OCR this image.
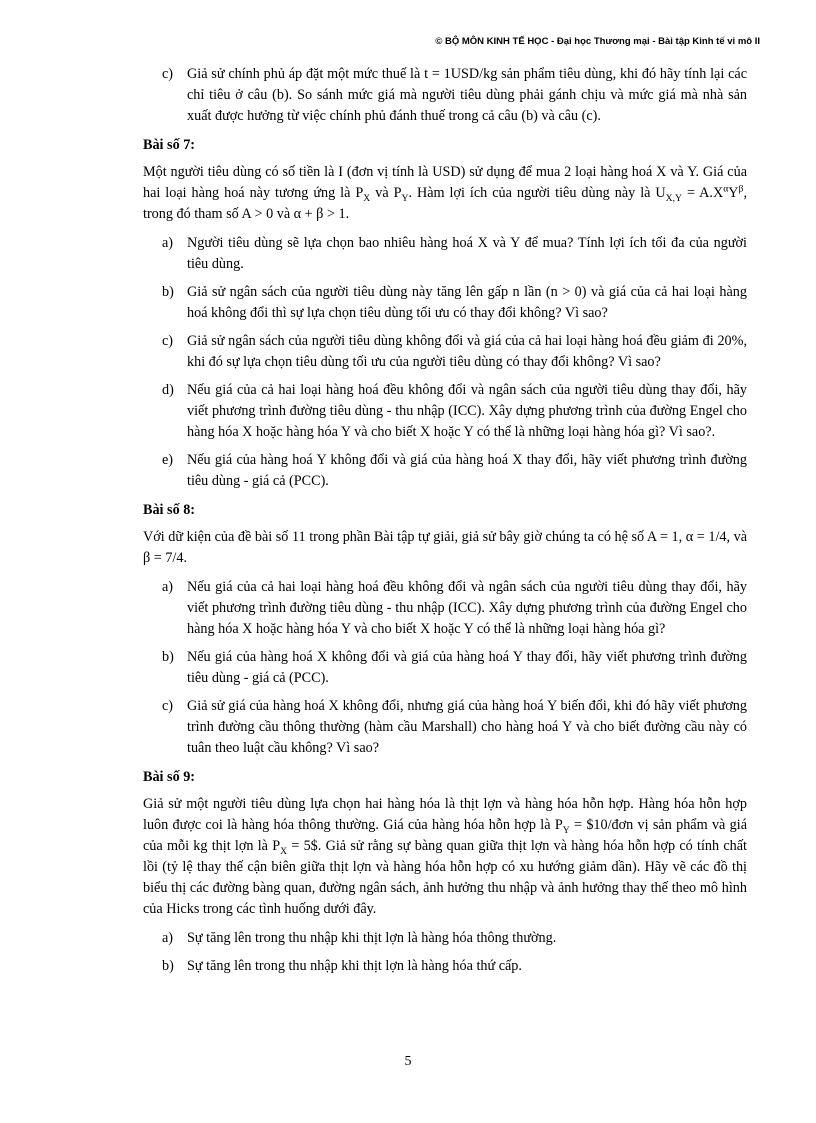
© BỘ MÔN KINH TẾ HỌC - Đại học Thương mại - Bài tập Kinh tế vi mô II
c) Giả sử chính phủ áp đặt một mức thuế là t = 1USD/kg sản phẩm tiêu dùng, khi đó hãy tính lại các chỉ tiêu ở câu (b). So sánh mức giá mà người tiêu dùng phải gánh chịu và mức giá mà nhà sản xuất được hưởng từ việc chính phủ đánh thuế trong cả câu (b) và câu (c).
Bài số 7:
Một người tiêu dùng có số tiền là I (đơn vị tính là USD) sử dụng để mua 2 loại hàng hoá X và Y. Giá của hai loại hàng hoá này tương ứng là $P_X$ và $P_Y$. Hàm lợi ích của người tiêu dùng này là $U_{X,Y} = A.X^\alpha Y^\beta$, trong đó tham số A > 0 và α + β > 1.
a) Người tiêu dùng sẽ lựa chọn bao nhiêu hàng hoá X và Y để mua? Tính lợi ích tối đa của người tiêu dùng.
b) Giả sử ngân sách của người tiêu dùng này tăng lên gấp n lần (n > 0) và giá của cả hai loại hàng hoá không đổi thì sự lựa chọn tiêu dùng tối ưu có thay đổi không? Vì sao?
c) Giả sử ngân sách của người tiêu dùng không đổi và giá của cả hai loại hàng hoá đều giảm đi 20%, khi đó sự lựa chọn tiêu dùng tối ưu của người tiêu dùng có thay đổi không? Vì sao?
d) Nếu giá của cả hai loại hàng hoá đều không đổi và ngân sách của người tiêu dùng thay đổi, hãy viết phương trình đường tiêu dùng - thu nhập (ICC). Xây dựng phương trình của đường Engel cho hàng hóa X hoặc hàng hóa Y và cho biết X hoặc Y có thể là những loại hàng hóa gì? Vì sao?.
e) Nếu giá của hàng hoá Y không đổi và giá của hàng hoá X thay đổi, hãy viết phương trình đường tiêu dùng - giá cả (PCC).
Bài số 8:
Với dữ kiện của đề bài số 11 trong phần Bài tập tự giải, giả sử bây giờ chúng ta có hệ số A = 1, α = 1/4, và β = 7/4.
a) Nếu giá của cả hai loại hàng hoá đều không đổi và ngân sách của người tiêu dùng thay đổi, hãy viết phương trình đường tiêu dùng - thu nhập (ICC). Xây dựng phương trình của đường Engel cho hàng hóa X hoặc hàng hóa Y và cho biết X hoặc Y có thể là những loại hàng hóa gì?
b) Nếu giá của hàng hoá X không đổi và giá của hàng hoá Y thay đổi, hãy viết phương trình đường tiêu dùng - giá cả (PCC).
c) Giả sử giá của hàng hoá X không đổi, nhưng giá của hàng hoá Y biến đổi, khi đó hãy viết phương trình đường cầu thông thường (hàm cầu Marshall) cho hàng hoá Y và cho biết đường cầu này có tuân theo luật cầu không? Vì sao?
Bài số 9:
Giả sử một người tiêu dùng lựa chọn hai hàng hóa là thịt lợn và hàng hóa hỗn hợp. Hàng hóa hỗn hợp luôn được coi là hàng hóa thông thường. Giá của hàng hóa hỗn hợp là $P_Y$ = $10/đơn vị sản phẩm và giá của mỗi kg thịt lợn là $P_X$ = 5$. Giả sử rằng sự bàng quan giữa thịt lợn và hàng hóa hỗn hợp có tính chất lồi (tỷ lệ thay thế cận biên giữa thịt lợn và hàng hóa hỗn hợp có xu hướng giảm dần). Hãy vẽ các đồ thị biểu thị các đường bàng quan, đường ngân sách, ảnh hưởng thu nhập và ảnh hưởng thay thế theo mô hình của Hicks trong các tình huống dưới đây.
a) Sự tăng lên trong thu nhập khi thịt lợn là hàng hóa thông thường.
b) Sự tăng lên trong thu nhập khi thịt lợn là hàng hóa thứ cấp.
5
